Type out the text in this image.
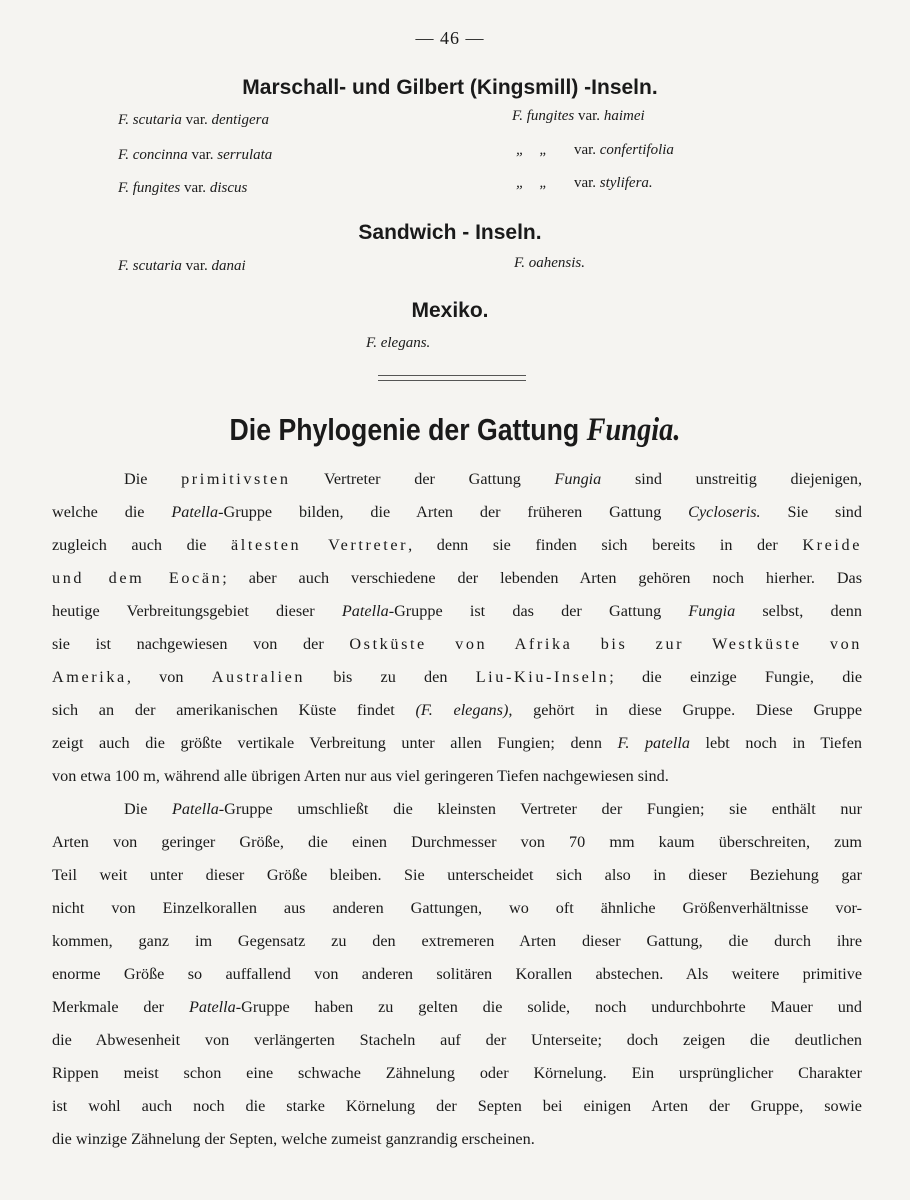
— 46 —
Marschall- und Gilbert (Kingsmill) -Inseln.
F. scutaria var. dentigera	F. fungites var. haimei
F. concinna var. serrulata	„    „ var. confertifolia
F. fungites var. discus	„    „ var. stylifera.
Sandwich - Inseln.
F. scutaria var. danai	F. oahensis.
Mexiko.
F. elegans.
Die Phylogenie der Gattung Fungia.
Die primitivsten Vertreter der Gattung Fungia sind unstreitig diejenigen,
welche die Patella-Gruppe bilden, die Arten der früheren Gattung Cycloseris. Sie sind
zugleich auch die ältesten Vertreter, denn sie finden sich bereits in der Kreide
und dem Eocän; aber auch verschiedene der lebenden Arten gehören noch hierher. Das
heutige Verbreitungsgebiet dieser Patella-Gruppe ist das der Gattung Fungia selbst, denn
sie ist nachgewiesen von der Ostküste von Afrika bis zur Westküste von
Amerika, von Australien bis zu den Liu-Kiu-Inseln; die einzige Fungie, die
sich an der amerikanischen Küste findet (F. elegans), gehört in diese Gruppe. Diese Gruppe
zeigt auch die größte vertikale Verbreitung unter allen Fungien; denn F. patella lebt noch in Tiefen
von etwa 100 m, während alle übrigen Arten nur aus viel geringeren Tiefen nachgewiesen sind.
Die Patella-Gruppe umschließt die kleinsten Vertreter der Fungien; sie enthält nur
Arten von geringer Größe, die einen Durchmesser von 70 mm kaum überschreiten, zum
Teil weit unter dieser Größe bleiben. Sie unterscheidet sich also in dieser Beziehung gar
nicht von Einzelkorallen aus anderen Gattungen, wo oft ähnliche Größenverhältnisse vor-
kommen, ganz im Gegensatz zu den extremeren Arten dieser Gattung, die durch ihre
enorme Größe so auffallend von anderen solitären Korallen abstechen. Als weitere primitive
Merkmale der Patella-Gruppe haben zu gelten die solide, noch undurchbohrte Mauer und
die Abwesenheit von verlängerten Stacheln auf der Unterseite; doch zeigen die deutlichen
Rippen meist schon eine schwache Zähnelung oder Körnelung. Ein ursprünglicher Charakter
ist wohl auch noch die starke Körnelung der Septen bei einigen Arten der Gruppe, sowie
die winzige Zähnelung der Septen, welche zumeist ganzrandig erscheinen.
